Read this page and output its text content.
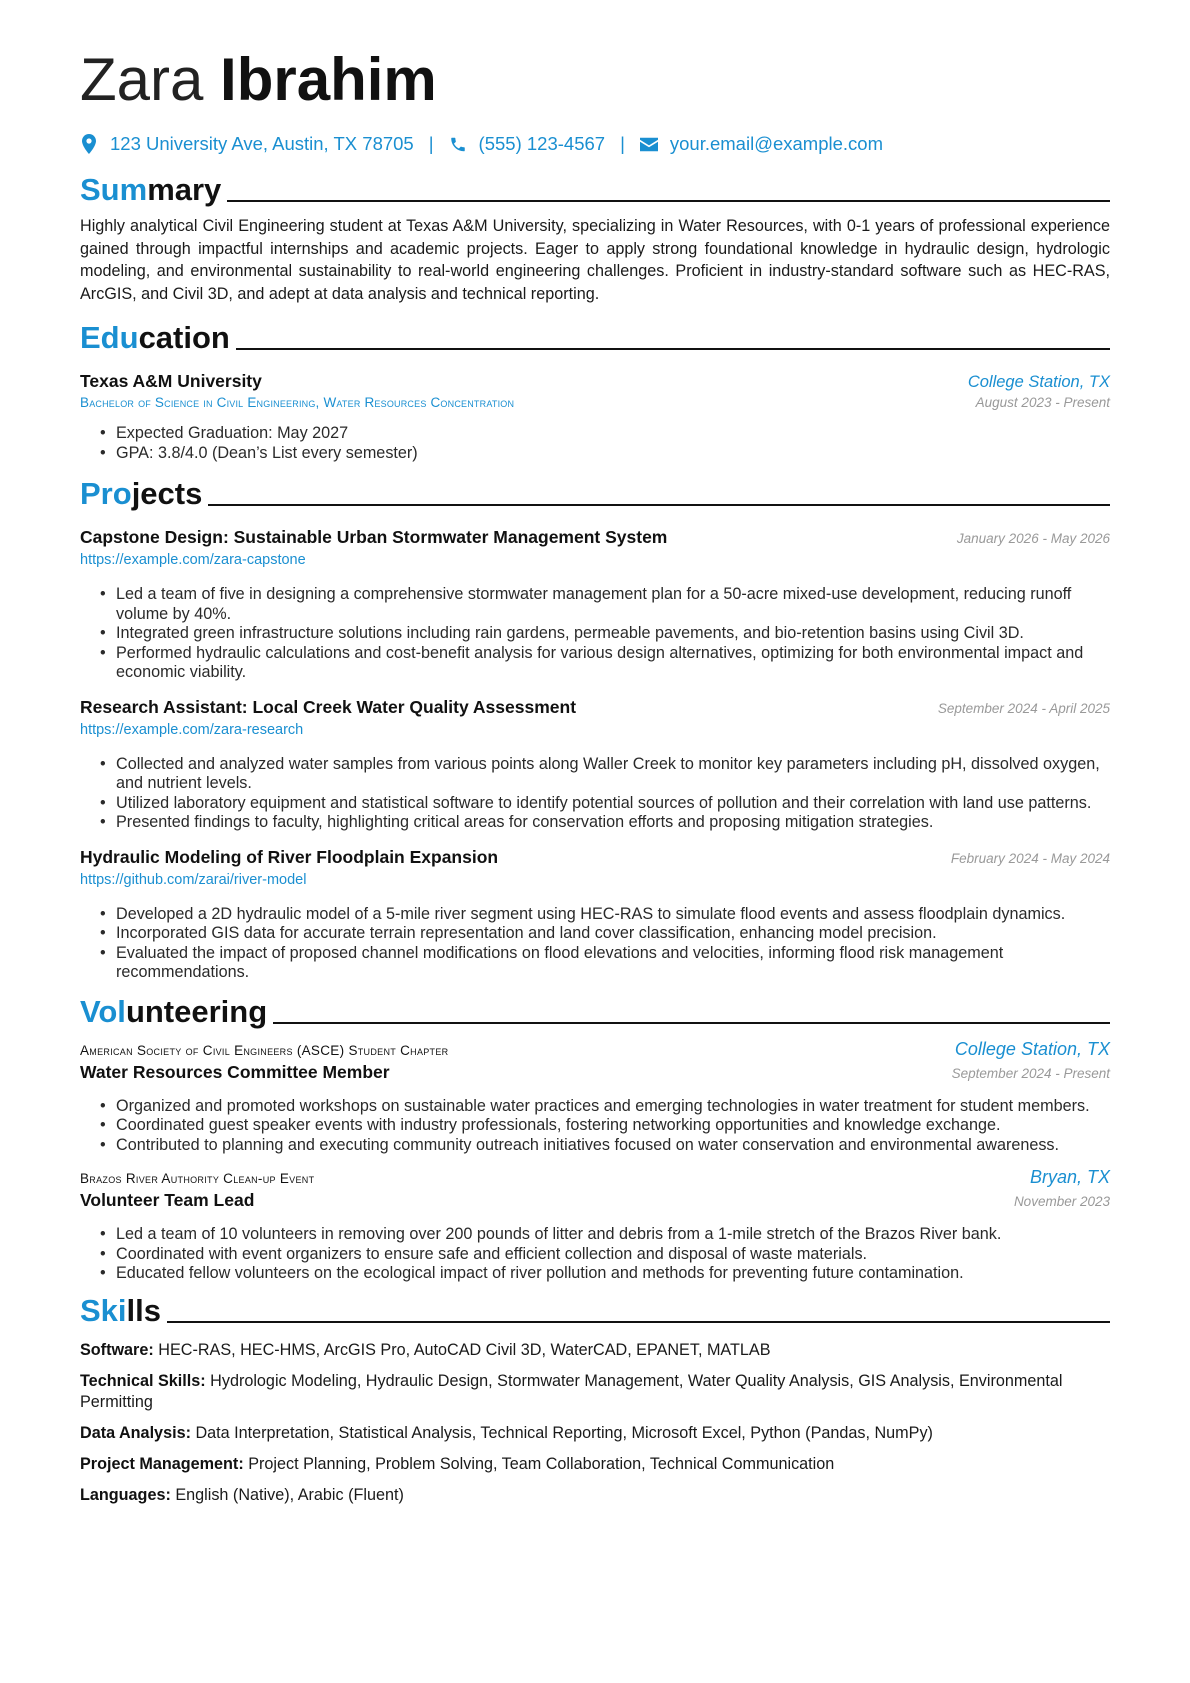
Zara Ibrahim
123 University Ave, Austin, TX 78705 | (555) 123-4567 | your.email@example.com
Summary
Highly analytical Civil Engineering student at Texas A&M University, specializing in Water Resources, with 0-1 years of professional experience gained through impactful internships and academic projects. Eager to apply strong foundational knowledge in hydraulic design, hydrologic modeling, and environmental sustainability to real-world engineering challenges. Proficient in industry-standard software such as HEC-RAS, ArcGIS, and Civil 3D, and adept at data analysis and technical reporting.
Education
Texas A&M University	College Station, TX
Bachelor of Science in Civil Engineering, Water Resources Concentration	August 2023 - Present
• Expected Graduation: May 2027
• GPA: 3.8/4.0 (Dean’s List every semester)
Projects
Capstone Design: Sustainable Urban Stormwater Management System	January 2026 - May 2026
https://example.com/zara-capstone
• Led a team of five in designing a comprehensive stormwater management plan for a 50-acre mixed-use development, reducing runoff volume by 40%.
• Integrated green infrastructure solutions including rain gardens, permeable pavements, and bio-retention basins using Civil 3D.
• Performed hydraulic calculations and cost-benefit analysis for various design alternatives, optimizing for both environmental impact and economic viability.
Research Assistant: Local Creek Water Quality Assessment	September 2024 - April 2025
https://example.com/zara-research
• Collected and analyzed water samples from various points along Waller Creek to monitor key parameters including pH, dissolved oxygen, and nutrient levels.
• Utilized laboratory equipment and statistical software to identify potential sources of pollution and their correlation with land use patterns.
• Presented findings to faculty, highlighting critical areas for conservation efforts and proposing mitigation strategies.
Hydraulic Modeling of River Floodplain Expansion	February 2024 - May 2024
https://github.com/zarai/river-model
• Developed a 2D hydraulic model of a 5-mile river segment using HEC-RAS to simulate flood events and assess floodplain dynamics.
• Incorporated GIS data for accurate terrain representation and land cover classification, enhancing model precision.
• Evaluated the impact of proposed channel modifications on flood elevations and velocities, informing flood risk management recommendations.
Volunteering
American Society of Civil Engineers (ASCE) Student Chapter	College Station, TX
Water Resources Committee Member	September 2024 - Present
• Organized and promoted workshops on sustainable water practices and emerging technologies in water treatment for student members.
• Coordinated guest speaker events with industry professionals, fostering networking opportunities and knowledge exchange.
• Contributed to planning and executing community outreach initiatives focused on water conservation and environmental awareness.
Brazos River Authority Clean-up Event	Bryan, TX
Volunteer Team Lead	November 2023
• Led a team of 10 volunteers in removing over 200 pounds of litter and debris from a 1-mile stretch of the Brazos River bank.
• Coordinated with event organizers to ensure safe and efficient collection and disposal of waste materials.
• Educated fellow volunteers on the ecological impact of river pollution and methods for preventing future contamination.
Skills
Software: HEC-RAS, HEC-HMS, ArcGIS Pro, AutoCAD Civil 3D, WaterCAD, EPANET, MATLAB
Technical Skills: Hydrologic Modeling, Hydraulic Design, Stormwater Management, Water Quality Analysis, GIS Analysis, Environmental Permitting
Data Analysis: Data Interpretation, Statistical Analysis, Technical Reporting, Microsoft Excel, Python (Pandas, NumPy)
Project Management: Project Planning, Problem Solving, Team Collaboration, Technical Communication
Languages: English (Native), Arabic (Fluent)
